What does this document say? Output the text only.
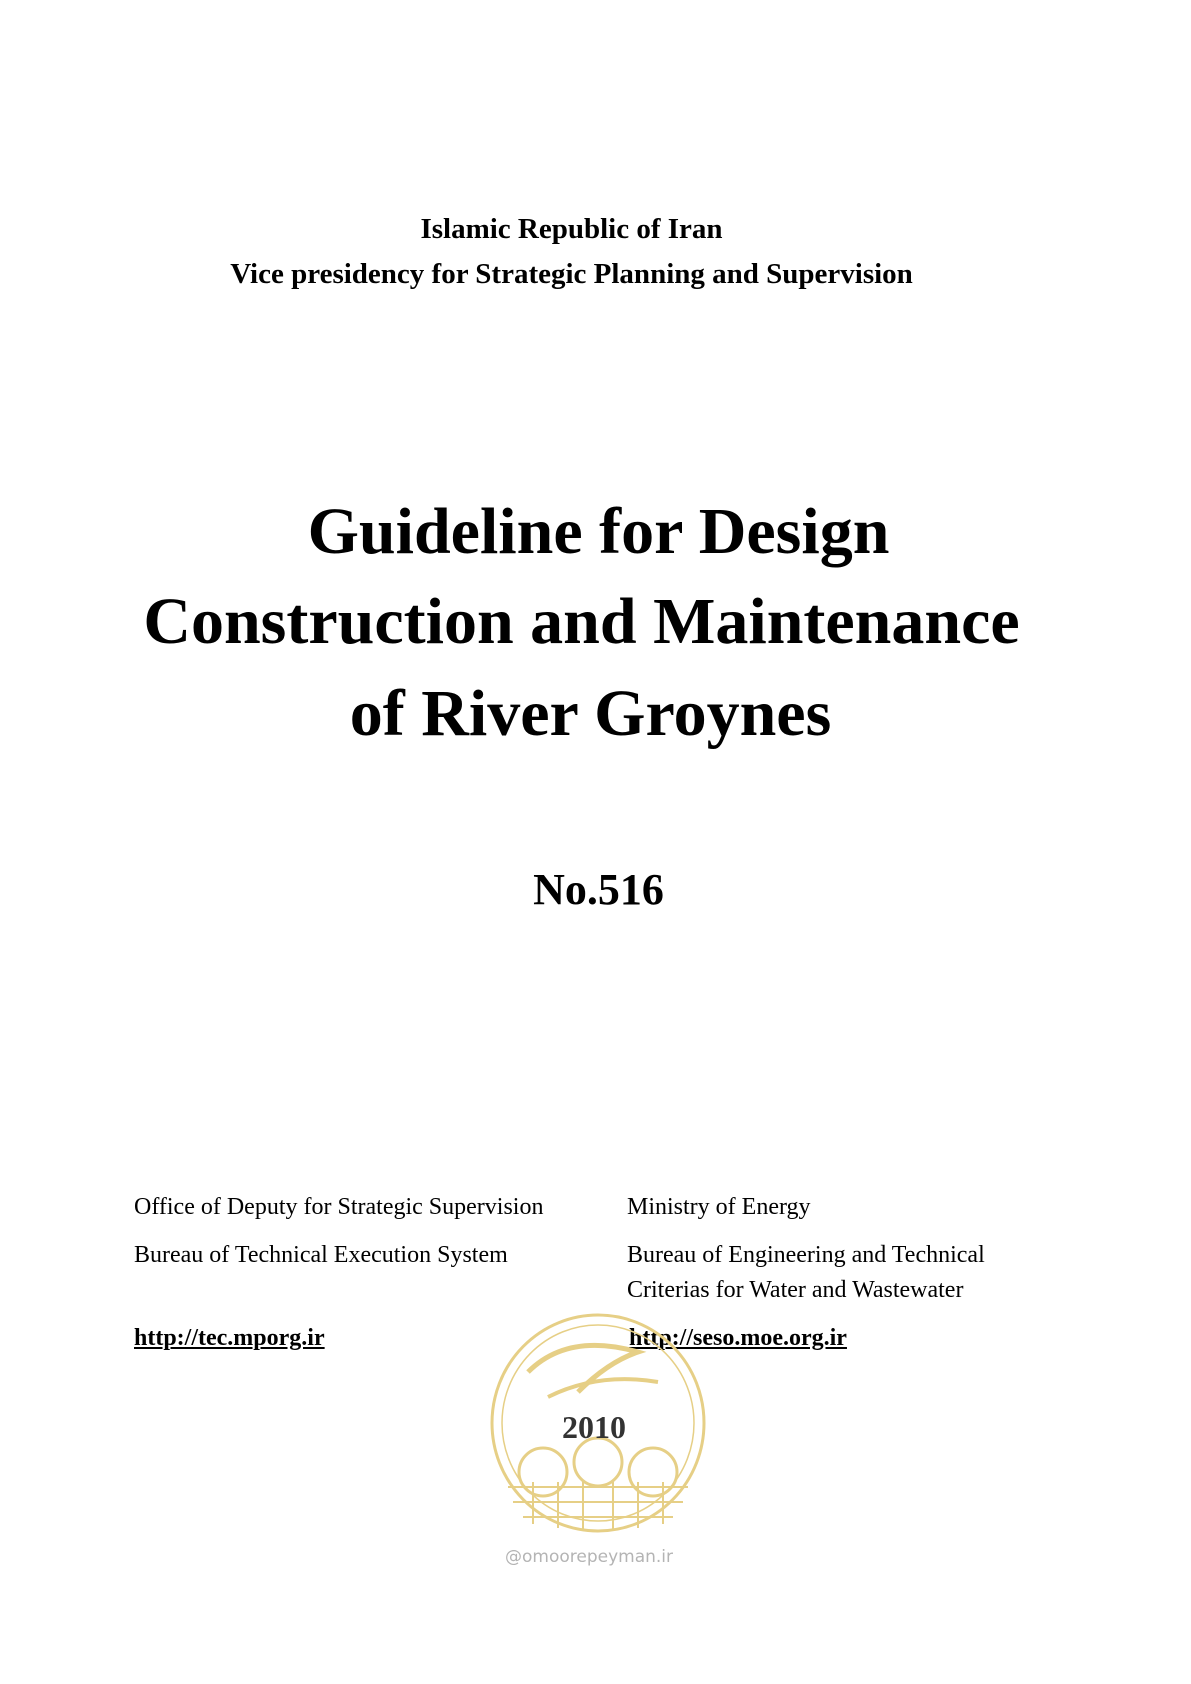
Islamic Republic of Iran
Vice presidency for Strategic Planning and Supervision
Guideline for Design
Construction and Maintenance
of River Groynes
No.516
Office of Deputy for Strategic Supervision
Bureau of Technical Execution System
Ministry of Energy
Bureau of Engineering and Technical Criterias for Water and Wastewater
http://tec.mporg.ir	http://seso.moe.org.ir
2010
@omoorepeyman.ir
